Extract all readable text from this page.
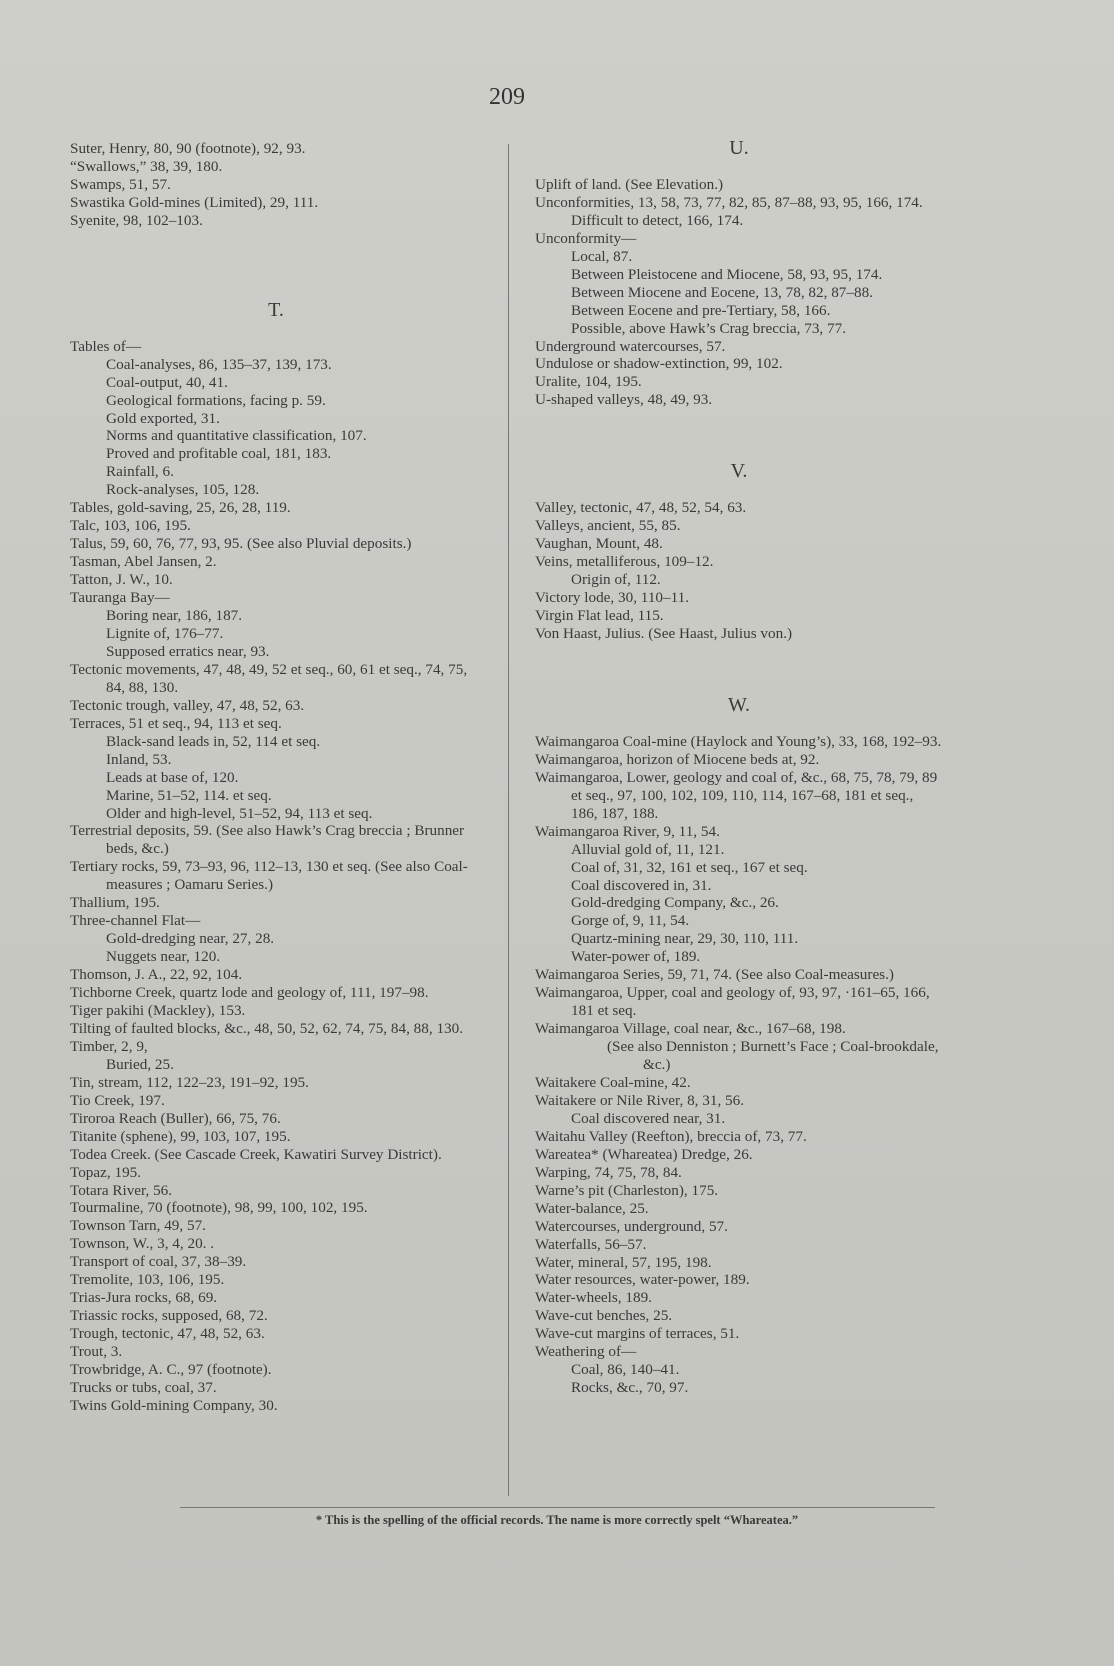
209

Suter, Henry, 80, 90 (footnote), 92, 93.

“Swallows,” 38, 39, 180.

Swamps, 51, 57.

Swastika Gold-mines (Limited), 29, 111.

Syenite, 98, 102–103.

T.

Tables of—

Coal-analyses, 86, 135–37, 139, 173.

Coal-output, 40, 41.

Geological formations, facing p. 59.

Gold exported, 31.

Norms and quantitative classification, 107.

Proved and profitable coal, 181, 183.

Rainfall, 6.

Rock-analyses, 105, 128.

Tables, gold-saving, 25, 26, 28, 119.

Talc, 103, 106, 195.

Talus, 59, 60, 76, 77, 93, 95. (See also Pluvial deposits.)

Tasman, Abel Jansen, 2.

Tatton, J. W., 10.

Tauranga Bay—

Boring near, 186, 187.

Lignite of, 176–77.

Supposed erratics near, 93.

Tectonic movements, 47, 48, 49, 52 et seq., 60, 61 et seq., 74, 75, 84, 88, 130.

Tectonic trough, valley, 47, 48, 52, 63.

Terraces, 51 et seq., 94, 113 et seq.

Black-sand leads in, 52, 114 et seq.

Inland, 53.

Leads at base of, 120.

Marine, 51–52, 114. et seq.

Older and high-level, 51–52, 94, 113 et seq.

Terrestrial deposits, 59. (See also Hawk’s Crag breccia ; Brunner beds, &c.)

Tertiary rocks, 59, 73–93, 96, 112–13, 130 et seq. (See also Coal-measures ; Oamaru Series.)

Thallium, 195.

Three-channel Flat—

Gold-dredging near, 27, 28.

Nuggets near, 120.

Thomson, J. A., 22, 92, 104.

Tichborne Creek, quartz lode and geology of, 111, 197–98.

Tiger pakihi (Mackley), 153.

Tilting of faulted blocks, &c., 48, 50, 52, 62, 74, 75, 84, 88, 130.

Timber, 2, 9,

Buried, 25.

Tin, stream, 112, 122–23, 191–92, 195.

Tio Creek, 197.

Tiroroa Reach (Buller), 66, 75, 76.

Titanite (sphene), 99, 103, 107, 195.

Todea Creek. (See Cascade Creek, Kawatiri Survey District).

Topaz, 195.

Totara River, 56.

Tourmaline, 70 (footnote), 98, 99, 100, 102, 195.

Townson Tarn, 49, 57.

Townson, W., 3, 4, 20. .

Transport of coal, 37, 38–39.

Tremolite, 103, 106, 195.

Trias-Jura rocks, 68, 69.

Triassic rocks, supposed, 68, 72.

Trough, tectonic, 47, 48, 52, 63.

Trout, 3.

Trowbridge, A. C., 97 (footnote).

Trucks or tubs, coal, 37.

Twins Gold-mining Company, 30.

U.

Uplift of land. (See Elevation.)

Unconformities, 13, 58, 73, 77, 82, 85, 87–88, 93, 95, 166, 174.

Difficult to detect, 166, 174.

Unconformity—

Local, 87.

Between Pleistocene and Miocene, 58, 93, 95, 174.

Between Miocene and Eocene, 13, 78, 82, 87–88.

Between Eocene and pre-Tertiary, 58, 166.

Possible, above Hawk’s Crag breccia, 73, 77.

Underground watercourses, 57.

Undulose or shadow-extinction, 99, 102.

Uralite, 104, 195.

U-shaped valleys, 48, 49, 93.

V.

Valley, tectonic, 47, 48, 52, 54, 63.

Valleys, ancient, 55, 85.

Vaughan, Mount, 48.

Veins, metalliferous, 109–12.

Origin of, 112.

Victory lode, 30, 110–11.

Virgin Flat lead, 115.

Von Haast, Julius. (See Haast, Julius von.)

W.

Waimangaroa Coal-mine (Haylock and Young’s), 33, 168, 192–93.

Waimangaroa, horizon of Miocene beds at, 92.

Waimangaroa, Lower, geology and coal of, &c., 68, 75, 78, 79, 89 et seq., 97, 100, 102, 109, 110, 114, 167–68, 181 et seq., 186, 187, 188.

Waimangaroa River, 9, 11, 54.

Alluvial gold of, 11, 121.

Coal of, 31, 32, 161 et seq., 167 et seq.

Coal discovered in, 31.

Gold-dredging Company, &c., 26.

Gorge of, 9, 11, 54.

Quartz-mining near, 29, 30, 110, 111.

Water-power of, 189.

Waimangaroa Series, 59, 71, 74. (See also Coal-measures.)

Waimangaroa, Upper, coal and geology of, 93, 97, ·161–65, 166, 181 et seq.

Waimangaroa Village, coal near, &c., 167–68, 198.

(See also Denniston ; Burnett’s Face ; Coal-brookdale, &c.)

Waitakere Coal-mine, 42.

Waitakere or Nile River, 8, 31, 56.

Coal discovered near, 31.

Waitahu Valley (Reefton), breccia of, 73, 77.

Wareatea* (Whareatea) Dredge, 26.

Warping, 74, 75, 78, 84.

Warne’s pit (Charleston), 175.

Water-balance, 25.

Watercourses, underground, 57.

Waterfalls, 56–57.

Water, mineral, 57, 195, 198.

Water resources, water-power, 189.

Water-wheels, 189.

Wave-cut benches, 25.

Wave-cut margins of terraces, 51.

Weathering of—

Coal, 86, 140–41.

Rocks, &c., 70, 97.

* This is the spelling of the official records. The name is more correctly spelt “Whareatea.”
